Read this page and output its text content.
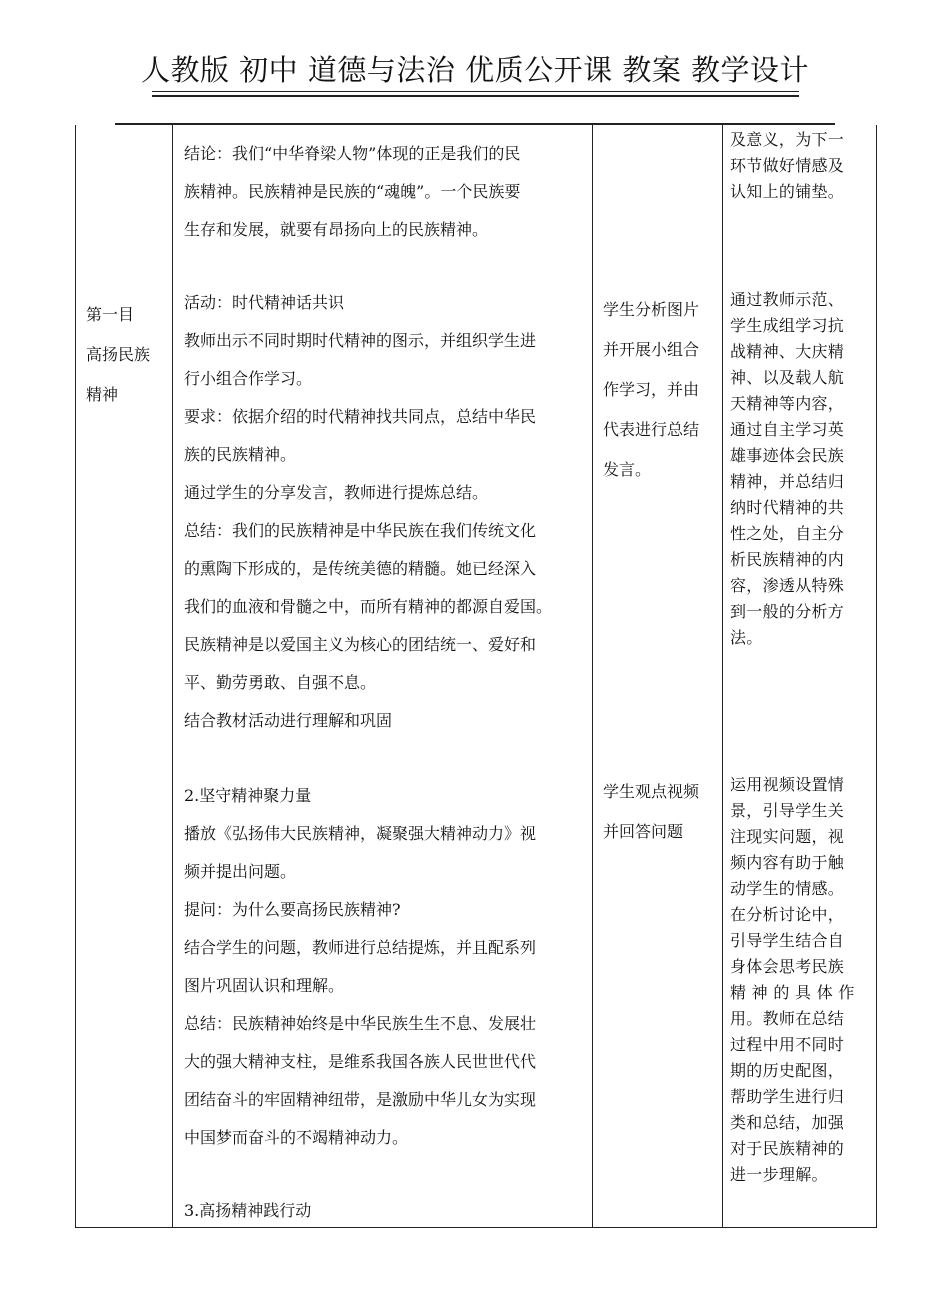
人教版 初中 道德与法治 优质公开课 教案 教学设计
第一目
高扬民族
精神

结论：我们“中华脊梁人物”体现的正是我们的民

族精神。民族精神是民族的“魂魄”。一个民族要

生存和发展，就要有昂扬向上的民族精神。

活动：时代精神话共识

教师出示不同时期时代精神的图示，并组织学生进

行小组合作学习。

要求：依据介绍的时代精神找共同点，总结中华民

族的民族精神。

通过学生的分享发言，教师进行提炼总结。

总结：我们的民族精神是中华民族在我们传统文化

的熏陶下形成的，是传统美德的精髓。她已经深入

我们的血液和骨髓之中，而所有精神的都源自爱国。

民族精神是以爱国主义为核心的团结统一、爱好和

平、勤劳勇敢、自强不息。

结合教材活动进行理解和巩固

2.坚守精神聚力量

播放《弘扬伟大民族精神，凝聚强大精神动力》视

频并提出问题。

提问：为什么要高扬民族精神?

结合学生的问题，教师进行总结提炼，并且配系列

图片巩固认识和理解。

总结：民族精神始终是中华民族生生不息、发展壮

大的强大精神支柱，是维系我国各族人民世世代代

团结奋斗的牢固精神纽带，是激励中华儿女为实现

中国梦而奋斗的不竭精神动力。

3.高扬精神践行动

学生分析图片

并开展小组合

作学习，并由

代表进行总结

发言。

学生观点视频

并回答问题

及意义，为下一

环节做好情感及

认知上的铺垫。

通过教师示范、

学生成组学习抗

战精神、大庆精

神、以及载人航

天精神等内容，

通过自主学习英

雄事迹体会民族

精神，并总结归

纳时代精神的共

性之处，自主分

析民族精神的内

容，渗透从特殊

到一般的分析方

法。

运用视频设置情

景，引导学生关

注现实问题，视

频内容有助于触

动学生的情感。

在分析讨论中，

引导学生结合自

身体会思考民族

精 神 的 具 体 作

用。教师在总结

过程中用不同时

期的历史配图，

帮助学生进行归

类和总结，加强

对于民族精神的

进一步理解。
